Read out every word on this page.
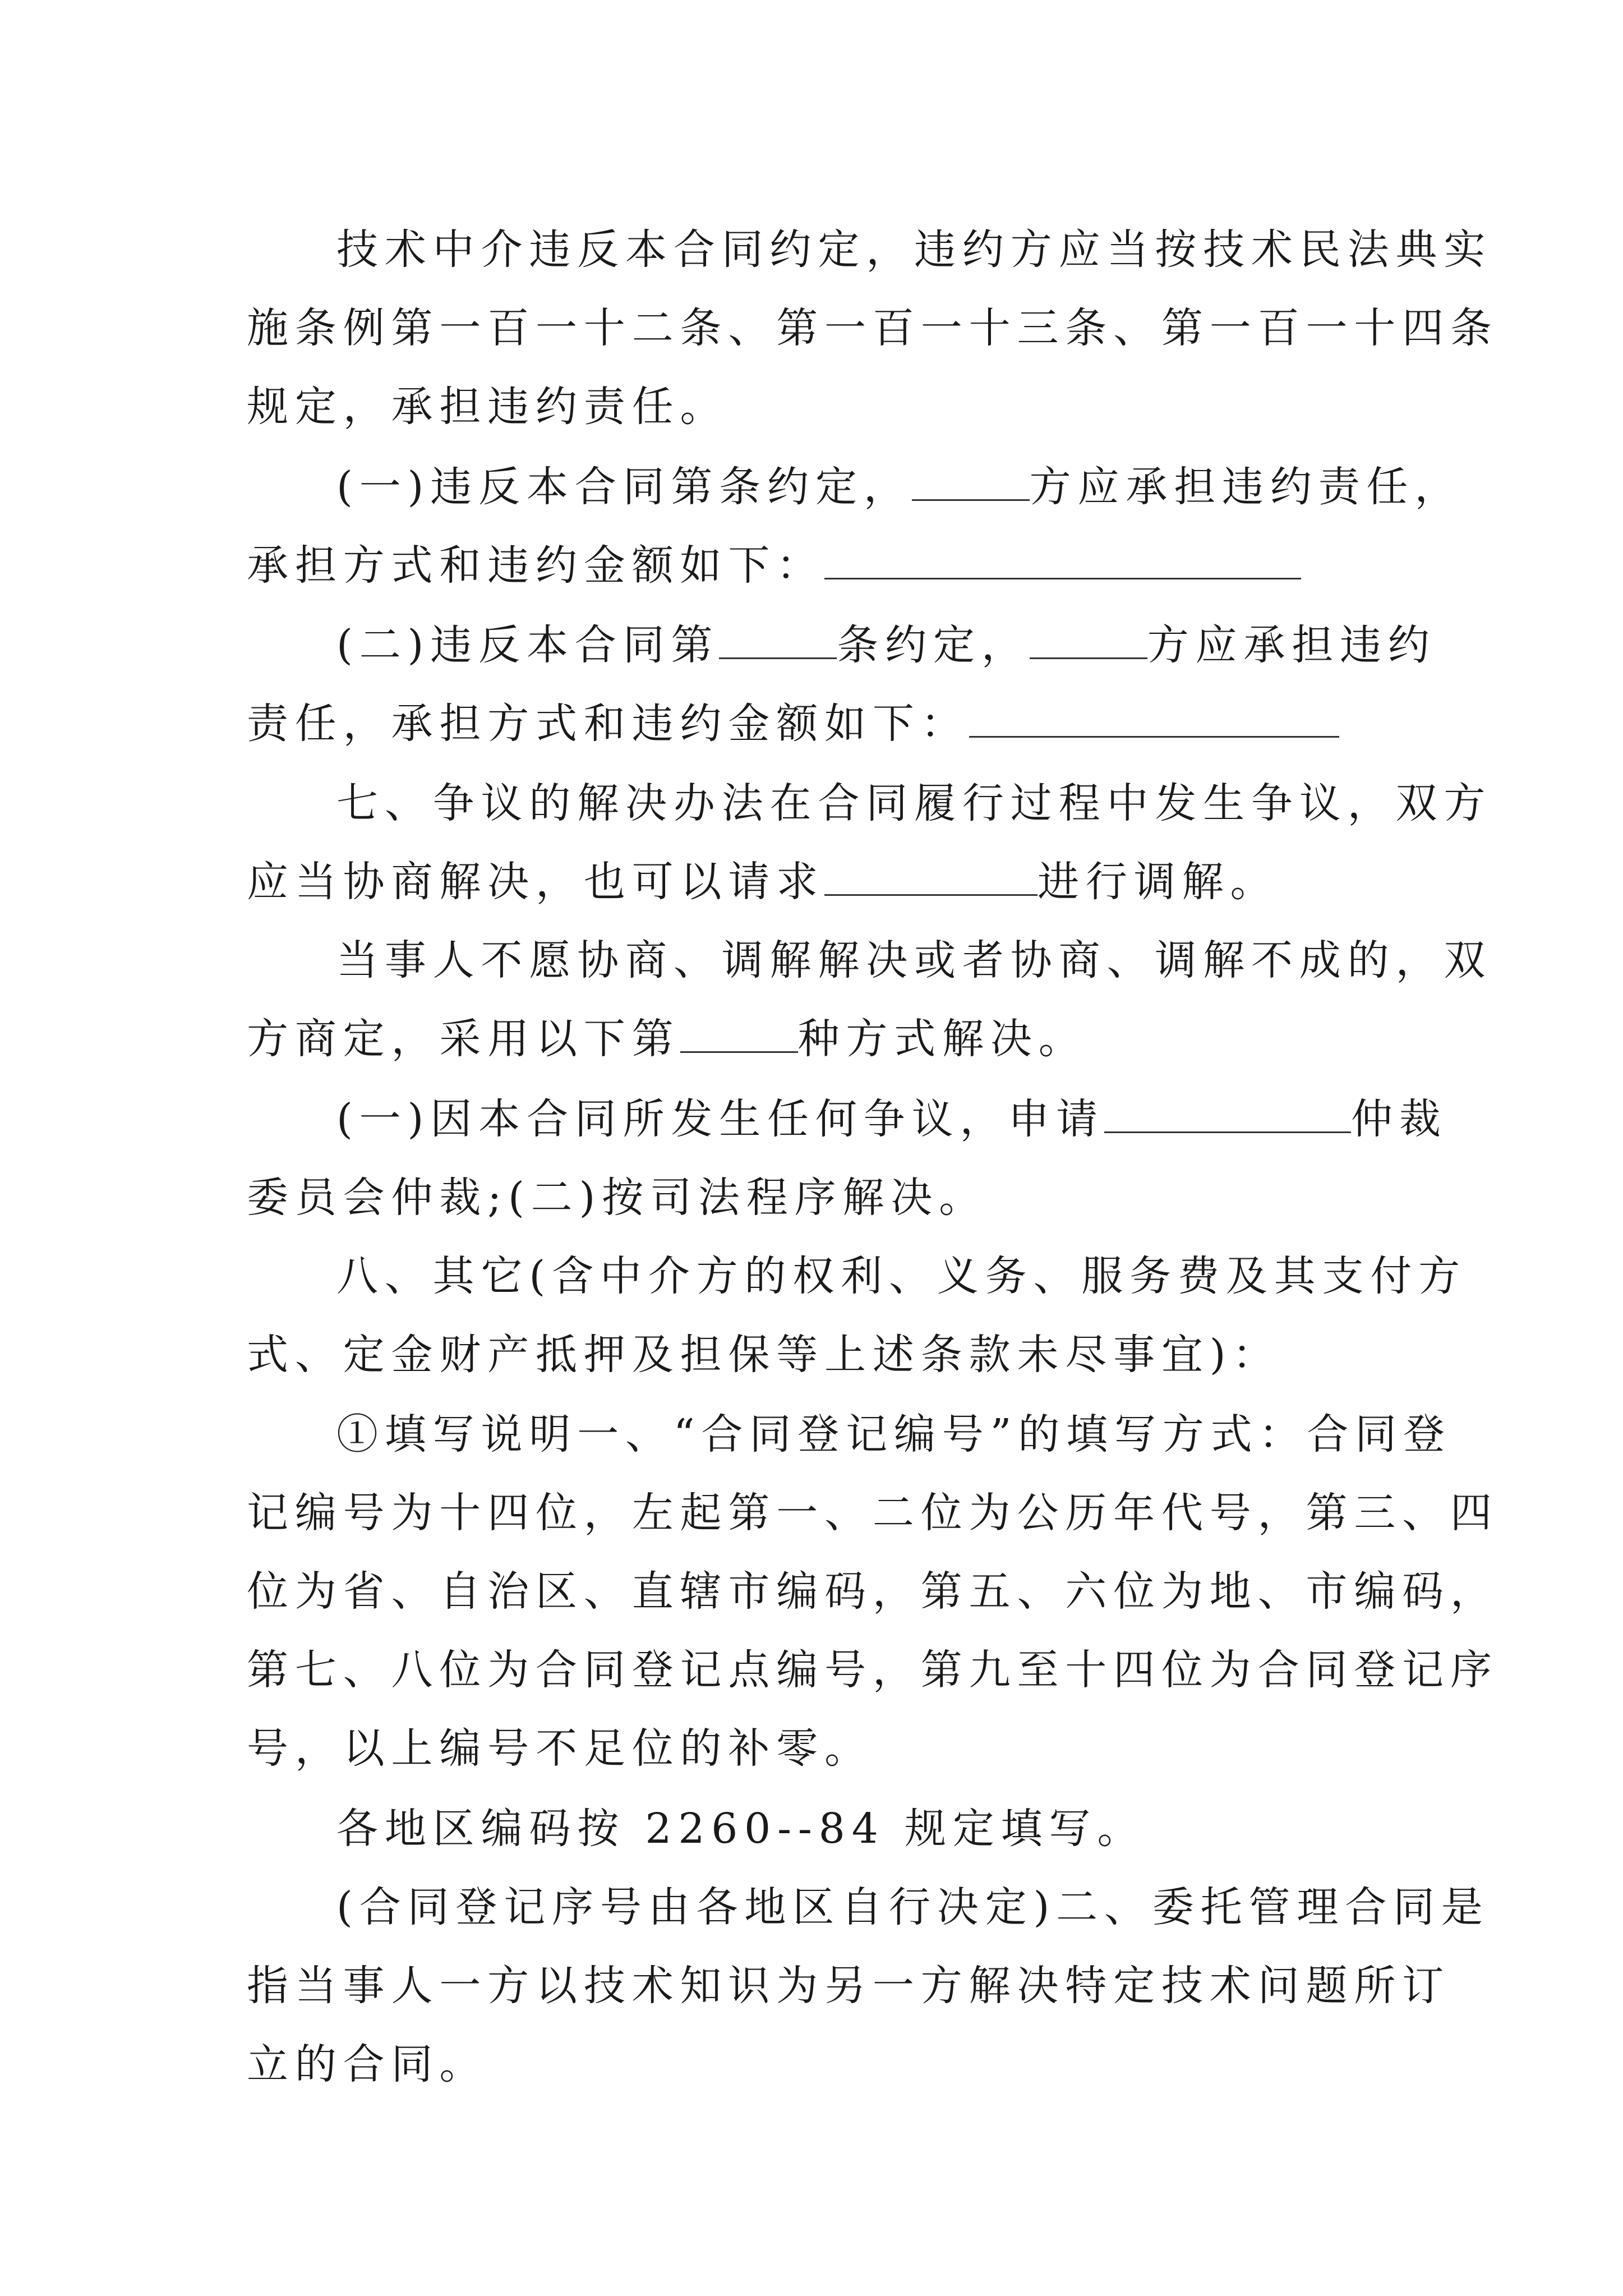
技术中介违反本合同约定，违约方应当按技术民法典实
施条例第一百一十二条、第一百一十三条、第一百一十四条
规定，承担违约责任。
(一)违反本合同第条约定，	方应承担违约责任，
承担方式和违约金额如下：
(二)违反本合同第	条约定，	方应承担违约
责任，承担方式和违约金额如下：
七、争议的解决办法在合同履行过程中发生争议，双方
应当协商解决，也可以请求	进行调解。
当事人不愿协商、调解解决或者协商、调解不成的，双
方商定，采用以下第	种方式解决。
(一)因本合同所发生任何争议，申请	仲裁
委员会仲裁;(二)按司法程序解决。
八、其它(含中介方的权利、义务、服务费及其支付方
式、定金财产抵押及担保等上述条款未尽事宜)：
①填写说明一、“合同登记编号”的填写方式：合同登
记编号为十四位，左起第一、二位为公历年代号，第三、四
位为省、自治区、直辖市编码，第五、六位为地、市编码，
第七、八位为合同登记点编号，第九至十四位为合同登记序
号，以上编号不足位的补零。
各地区编码按 2260--84 规定填写。
(合同登记序号由各地区自行决定)二、委托管理合同是
指当事人一方以技术知识为另一方解决特定技术问题所订
立的合同。
